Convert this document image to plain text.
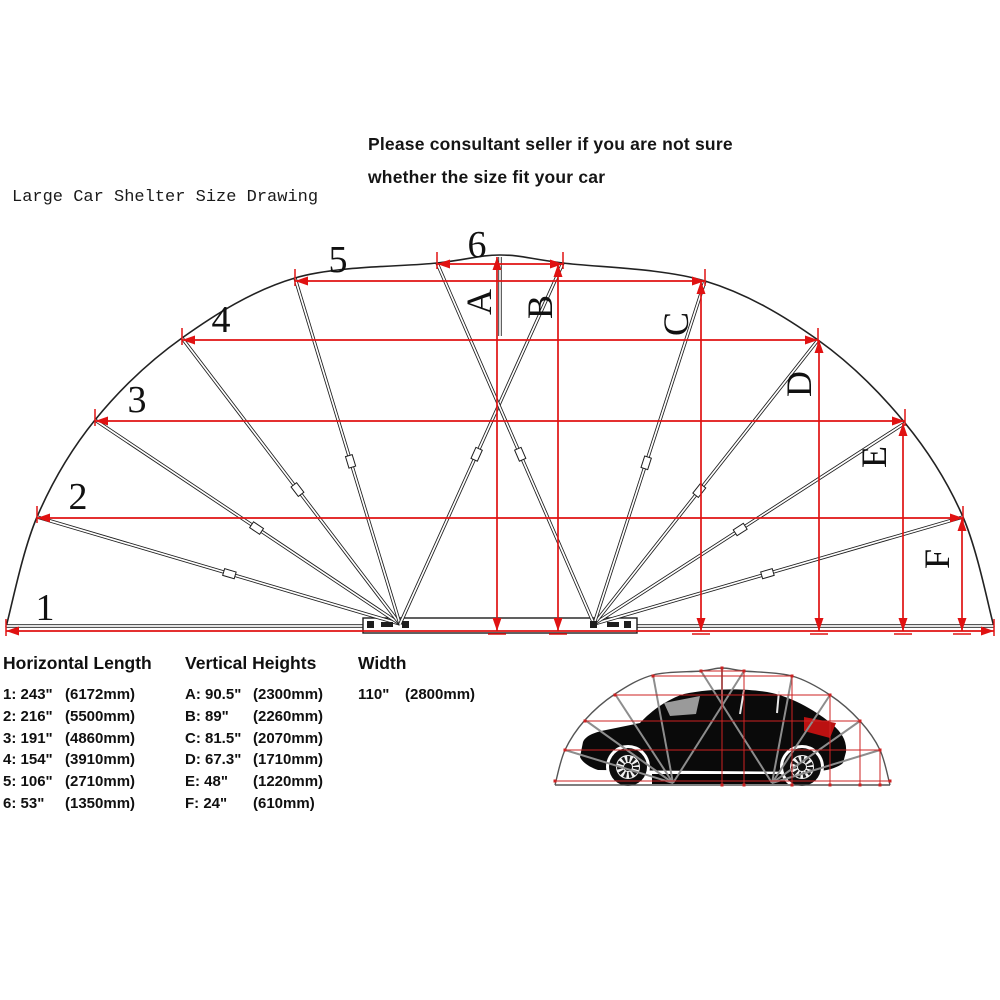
Please consultant seller if you are not sure
whether the size fit your car
Large Car Shelter Size Drawing
1
2
3
4
5	6
A B
C
D
E
F
Horizontal Length
1: 243" (6172mm)
2: 216" (5500mm)
3: 191" (4860mm)
4: 154" (3910mm)
5: 106" (2710mm)
6: 53"	(1350mm)
Vertical Heights
A: 90.5" (2300mm)
B: 89"	(2260mm)
C: 81.5" (2070mm)
D: 67.3" (1710mm)
E: 48"	(1220mm)
F: 24"	(610mm)
Width
110"	(2800mm)
